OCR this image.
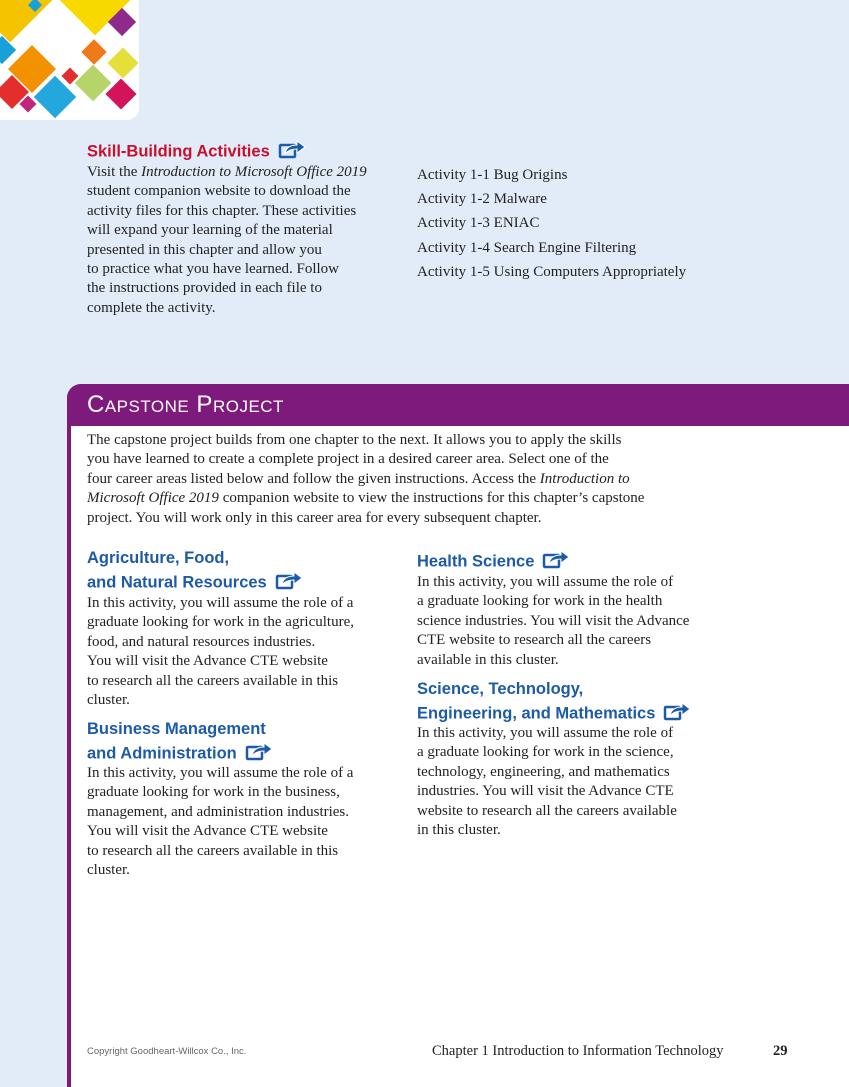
Skill-Building Activities
Visit the Introduction to Microsoft Office 2019
student companion website to download the
activity files for this chapter. These activities
will expand your learning of the material
presented in this chapter and allow you
to practice what you have learned. Follow
the instructions provided in each file to
complete the activity.
Activity 1-1 Bug Origins
Activity 1-2 Malware
Activity 1-3 ENIAC
Activity 1-4 Search Engine Filtering
Activity 1-5 Using Computers Appropriately
Capstone Project
The capstone project builds from one chapter to the next. It allows you to apply the skills
you have learned to create a complete project in a desired career area. Select one of the
four career areas listed below and follow the given instructions. Access the Introduction to
Microsoft Office 2019 companion website to view the instructions for this chapter’s capstone
project. You will work only in this career area for every subsequent chapter.
Agriculture, Food,
and Natural Resources
In this activity, you will assume the role of a
graduate looking for work in the agriculture,
food, and natural resources industries.
You will visit the Advance CTE website
to research all the careers available in this
cluster.
Business Management
and Administration
In this activity, you will assume the role of a
graduate looking for work in the business,
management, and administration industries.
You will visit the Advance CTE website
to research all the careers available in this
cluster.
Health Science
In this activity, you will assume the role of
a graduate looking for work in the health
science industries. You will visit the Advance
CTE website to research all the careers
available in this cluster.
Science, Technology,
Engineering, and Mathematics
In this activity, you will assume the role of
a graduate looking for work in the science,
technology, engineering, and mathematics
industries. You will visit the Advance CTE
website to research all the careers available
in this cluster.
Copyright Goodheart-Willcox Co., Inc.	Chapter 1 Introduction to Information Technology	29
